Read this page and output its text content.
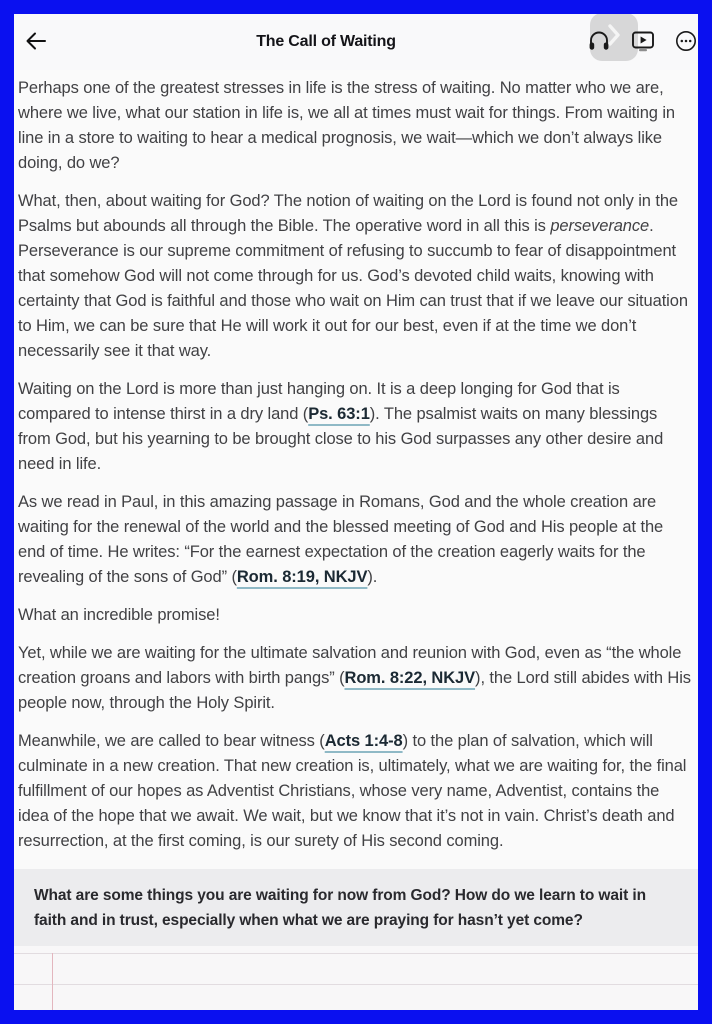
The Call of Waiting

Perhaps one of the greatest stresses in life is the stress of waiting. No matter who we are, where we live, what our station in life is, we all at times must wait for things. From waiting in line in a store to waiting to hear a medical prognosis, we wait—which we don’t always like doing, do we?

What, then, about waiting for God? The notion of waiting on the Lord is found not only in the Psalms but abounds all through the Bible. The operative word in all this is perseverance. Perseverance is our supreme commitment of refusing to succumb to fear of disappointment that somehow God will not come through for us. God’s devoted child waits, knowing with certainty that God is faithful and those who wait on Him can trust that if we leave our situation to Him, we can be sure that He will work it out for our best, even if at the time we don’t necessarily see it that way.

Waiting on the Lord is more than just hanging on. It is a deep longing for God that is compared to intense thirst in a dry land (Ps. 63:1). The psalmist waits on many blessings from God, but his yearning to be brought close to his God surpasses any other desire and need in life.

As we read in Paul, in this amazing passage in Romans, God and the whole creation are waiting for the renewal of the world and the blessed meeting of God and His people at the end of time. He writes: “For the earnest expectation of the creation eagerly waits for the revealing of the sons of God” (Rom. 8:19, NKJV).

What an incredible promise!

Yet, while we are waiting for the ultimate salvation and reunion with God, even as “the whole creation groans and labors with birth pangs” (Rom. 8:22, NKJV), the Lord still abides with His people now, through the Holy Spirit.

Meanwhile, we are called to bear witness (Acts 1:4-8) to the plan of salvation, which will culminate in a new creation. That new creation is, ultimately, what we are waiting for, the final fulfillment of our hopes as Adventist Christians, whose very name, Adventist, contains the idea of the hope that we await. We wait, but we know that it’s not in vain. Christ’s death and resurrection, at the first coming, is our surety of His second coming.

What are some things you are waiting for now from God? How do we learn to wait in faith and in trust, especially when what we are praying for hasn’t yet come?
